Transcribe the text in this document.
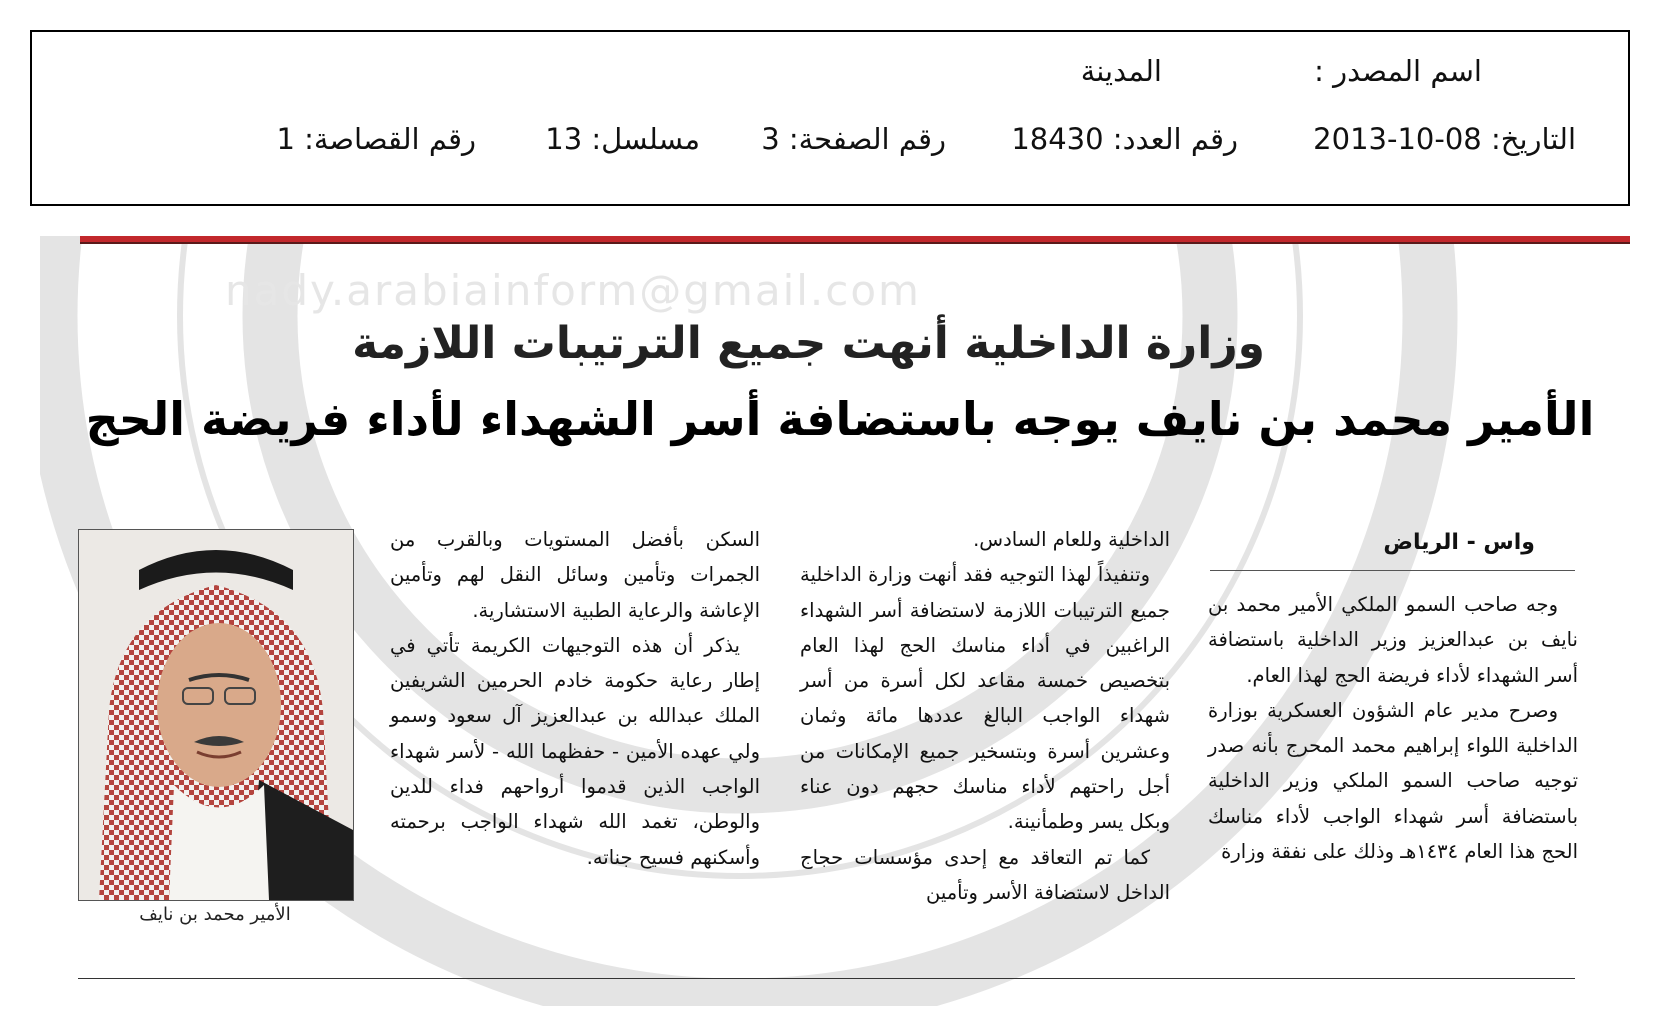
اسم المصدر :
المدينة
التاريخ: 08-10-2013
رقم العدد: 18430
رقم الصفحة: 3
مسلسل: 13
رقم القصاصة: 1
nady.arabiainform@gmail.com
وزارة الداخلية أنهت جميع الترتيبات اللازمة
الأمير محمد بن نايف يوجه باستضافة أسر الشهداء لأداء فريضة الحج
واس - الرياض

وجه صاحب السمو الملكي الأمير محمد بن نايف بن عبدالعزيز وزير الداخلية باستضافة أسر الشهداء لأداء فريضة الحج لهذا العام.

وصرح مدير عام الشؤون العسكرية بوزارة الداخلية اللواء إبراهيم محمد المحرج بأنه صدر توجيه صاحب السمو الملكي وزير الداخلية باستضافة أسر شهداء الواجب لأداء مناسك الحج هذا العام ١٤٣٤هـ وذلك على نفقة وزارة

الداخلية وللعام السادس.

وتنفيذاً لهذا التوجيه فقد أنهت وزارة الداخلية جميع الترتيبات اللازمة لاستضافة أسر الشهداء الراغبين في أداء مناسك الحج لهذا العام بتخصيص خمسة مقاعد لكل أسرة من أسر شهداء الواجب البالغ عددها مائة وثمان وعشرين أسرة وبتسخير جميع الإمكانات من أجل راحتهم لأداء مناسك حجهم دون عناء وبكل يسر وطمأنينة.

كما تم التعاقد مع إحدى مؤسسات حجاج الداخل لاستضافة الأسر وتأمين

السكن بأفضل المستويات وبالقرب من الجمرات وتأمين وسائل النقل لهم وتأمين الإعاشة والرعاية الطبية الاستشارية.

يذكر أن هذه التوجيهات الكريمة تأتي في إطار رعاية حكومة خادم الحرمين الشريفين الملك عبدالله بن عبدالعزيز آل سعود وسمو ولي عهده الأمين - حفظهما الله - لأسر شهداء الواجب الذين قدموا أرواحهم فداء للدين والوطن، تغمد الله شهداء الواجب برحمته وأسكنهم فسيح جناته.

الأمير محمد بن نايف
